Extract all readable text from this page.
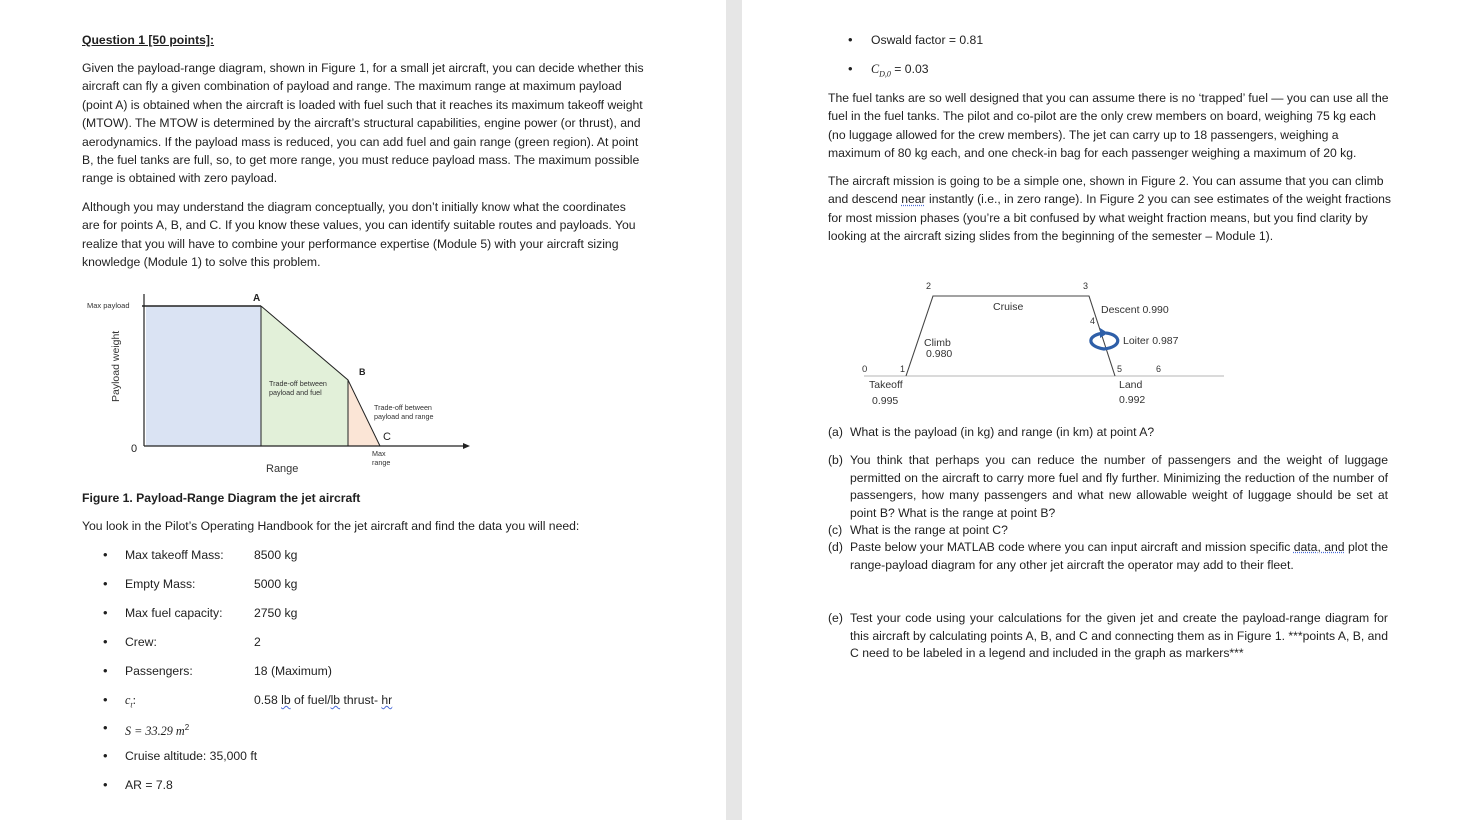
Question 1 [50 points]:
Given the payload-range diagram, shown in Figure 1, for a small jet aircraft, you can decide whether this aircraft can fly a given combination of payload and range. The maximum range at maximum payload (point A) is obtained when the aircraft is loaded with fuel such that it reaches its maximum takeoff weight (MTOW). The MTOW is determined by the aircraft’s structural capabilities, engine power (or thrust), and aerodynamics. If the payload mass is reduced, you can add fuel and gain range (green region). At point B, the fuel tanks are full, so, to get more range, you must reduce payload mass. The maximum possible range is obtained with zero payload.
Although you may understand the diagram conceptually, you don’t initially know what the coordinates are for points A, B, and C. If you know these values, you can identify suitable routes and payloads. You realize that you will have to combine your performance expertise (Module 5) with your aircraft sizing knowledge (Module 1) to solve this problem.
Max payload
Payload weight
0
Range
A
B
C
Trade-off between
payload and fuel
Trade-off between
payload and range
Max
range
Figure 1. Payload-Range Diagram the jet aircraft
You look in the Pilot’s Operating Handbook for the jet aircraft and find the data you will need:
• Max takeoff Mass: 8500 kg
• Empty Mass:	5000 kg
• Max fuel capacity:	2750 kg
• Crew:	2
• Passengers:	18 (Maximum)
• $c_t$:	0.58 lb of fuel/lb thrust- hr
• S = 33.29 $m^2$
• Cruise altitude: 35,000 ft
• AR = 7.8
• Oswald factor = 0.81
• $C_{D,0} = 0.03$
The fuel tanks are so well designed that you can assume there is no ‘trapped’ fuel — you can use all the fuel in the fuel tanks. The pilot and co-pilot are the only crew members on board, weighing 75 kg each (no luggage allowed for the crew members). The jet can carry up to 18 passengers, weighing a maximum of 80 kg each, and one check-in bag for each passenger weighing a maximum of 20 kg.
The aircraft mission is going to be a simple one, shown in Figure 2. You can assume that you can climb and descend near instantly (i.e., in zero range). In Figure 2 you can see estimates of the weight fractions for most mission phases (you’re a bit confused by what weight fraction means, but you find clarity by looking at the aircraft sizing slides from the beginning of the semester – Module 1).
2	3
4
0	1	5	6
Cruise
Climb
0.980
Descent 0.990
Loiter 0.987
Takeoff
0.995
Land
0.992
(a) What is the payload (in kg) and range (in km) at point A?
(b) You think that perhaps you can reduce the number of passengers and the weight of luggage permitted on the aircraft to carry more fuel and fly further. Minimizing the reduction of the number of passengers, how many passengers and what new allowable weight of luggage should be set at point B? What is the range at point B?
(c) What is the range at point C?
(d) Paste below your MATLAB code where you can input aircraft and mission specific data, and plot the range-payload diagram for any other jet aircraft the operator may add to their fleet.
(e) Test your code using your calculations for the given jet and create the payload-range diagram for this aircraft by calculating points A, B, and C and connecting them as in Figure 1. ***points A, B, and C need to be labeled in a legend and included in the graph as markers***
